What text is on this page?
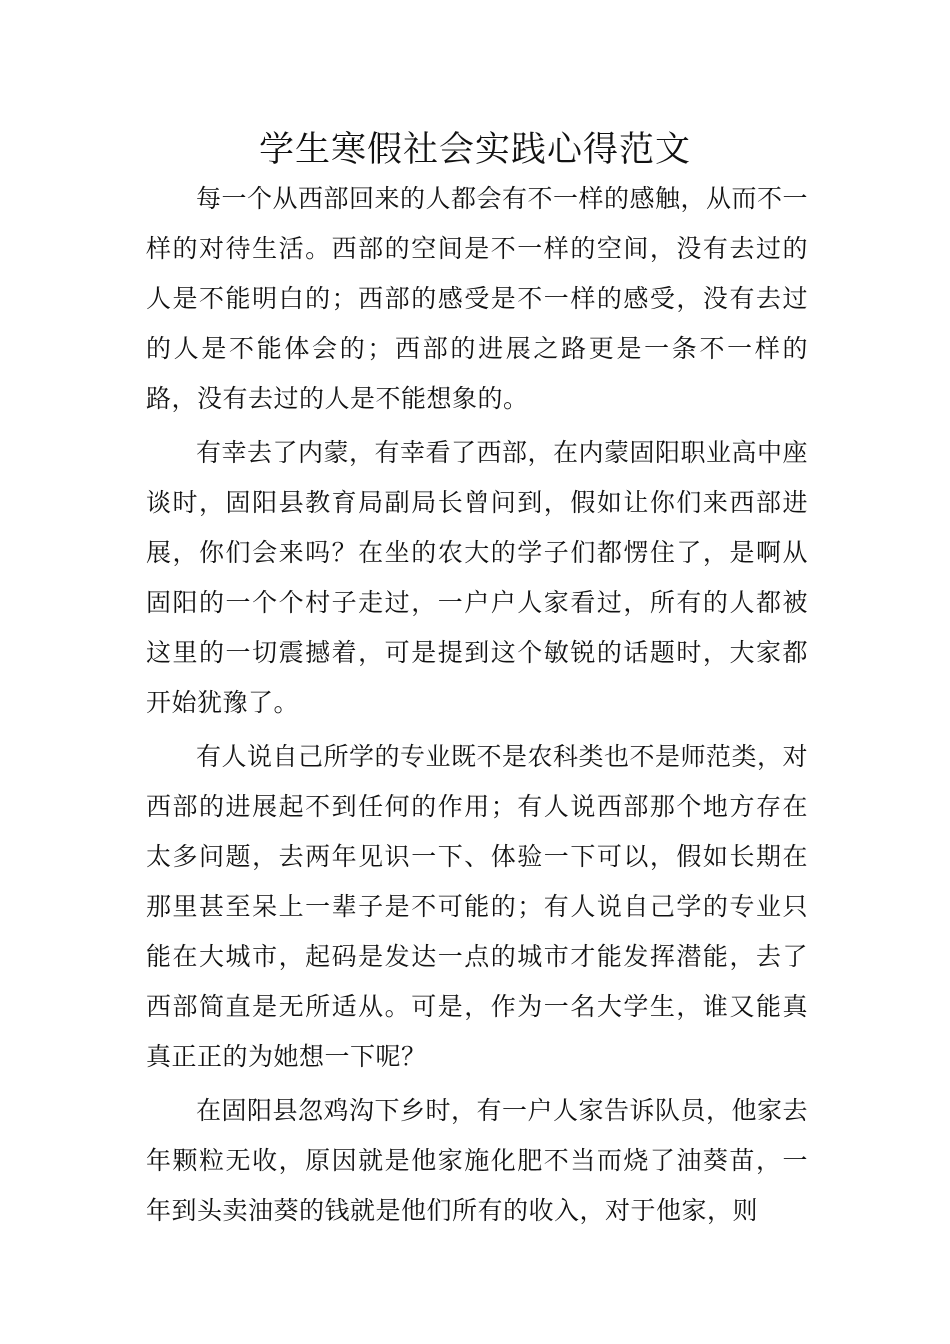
学生寒假社会实践心得范文

每一个从西部回来的人都会有不一样的感触，从而不一样的对待生活。西部的空间是不一样的空间，没有去过的人是不能明白的；西部的感受是不一样的感受，没有去过的人是不能体会的；西部的进展之路更是一条不一样的路，没有去过的人是不能想象的。

有幸去了内蒙，有幸看了西部，在内蒙固阳职业高中座谈时，固阳县教育局副局长曾问到，假如让你们来西部进展，你们会来吗？在坐的农大的学子们都愣住了，是啊从固阳的一个个村子走过，一户户人家看过，所有的人都被这里的一切震撼着，可是提到这个敏锐的话题时，大家都开始犹豫了。

有人说自己所学的专业既不是农科类也不是师范类，对西部的进展起不到任何的作用；有人说西部那个地方存在太多问题，去两年见识一下、体验一下可以，假如长期在那里甚至呆上一辈子是不可能的；有人说自己学的专业只能在大城市，起码是发达一点的城市才能发挥潜能，去了西部简直是无所适从。可是，作为一名大学生，谁又能真真正正的为她想一下呢？

在固阳县忽鸡沟下乡时，有一户人家告诉队员，他家去年颗粒无收，原因就是他家施化肥不当而烧了油葵苗，一年到头卖油葵的钱就是他们所有的收入，对于他家，则
